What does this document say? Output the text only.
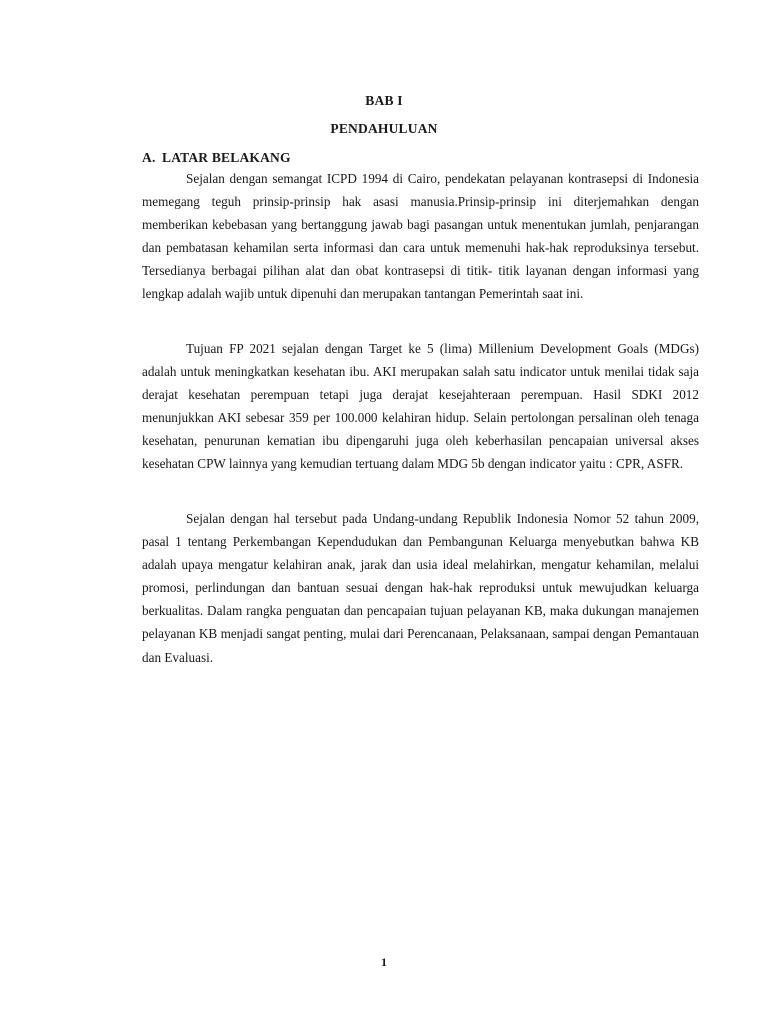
BAB I
PENDAHULUAN
A. LATAR BELAKANG

Sejalan dengan semangat ICPD 1994 di Cairo, pendekatan pelayanan kontrasepsi di Indonesia memegang teguh prinsip-prinsip hak asasi manusia.Prinsip-prinsip ini diterjemahkan dengan memberikan kebebasan yang bertanggung jawab bagi pasangan untuk menentukan jumlah, penjarangan dan pembatasan kehamilan serta informasi dan cara untuk memenuhi hak-hak reproduksinya tersebut. Tersedianya berbagai pilihan alat dan obat kontrasepsi di titik- titik layanan dengan informasi yang lengkap adalah wajib untuk dipenuhi dan merupakan tantangan Pemerintah saat ini.

Tujuan FP 2021 sejalan dengan Target ke 5 (lima) Millenium Development Goals (MDGs) adalah untuk meningkatkan kesehatan ibu. AKI merupakan salah satu indicator untuk menilai tidak saja derajat kesehatan perempuan tetapi juga derajat kesejahteraan perempuan. Hasil SDKI 2012 menunjukkan AKI sebesar 359 per 100.000 kelahiran hidup. Selain pertolongan persalinan oleh tenaga kesehatan, penurunan kematian ibu dipengaruhi juga oleh keberhasilan pencapaian universal akses kesehatan CPW lainnya yang kemudian tertuang dalam MDG 5b dengan indicator yaitu : CPR, ASFR.

Sejalan dengan hal tersebut pada Undang-undang Republik Indonesia Nomor 52 tahun 2009, pasal 1 tentang Perkembangan Kependudukan dan Pembangunan Keluarga menyebutkan bahwa KB adalah upaya mengatur kelahiran anak, jarak dan usia ideal melahirkan, mengatur kehamilan, melalui promosi, perlindungan dan bantuan sesuai dengan hak-hak reproduksi untuk mewujudkan keluarga berkualitas. Dalam rangka penguatan dan pencapaian tujuan pelayanan KB, maka dukungan manajemen pelayanan KB menjadi sangat penting, mulai dari Perencanaan, Pelaksanaan, sampai dengan Pemantauan dan Evaluasi.

1
